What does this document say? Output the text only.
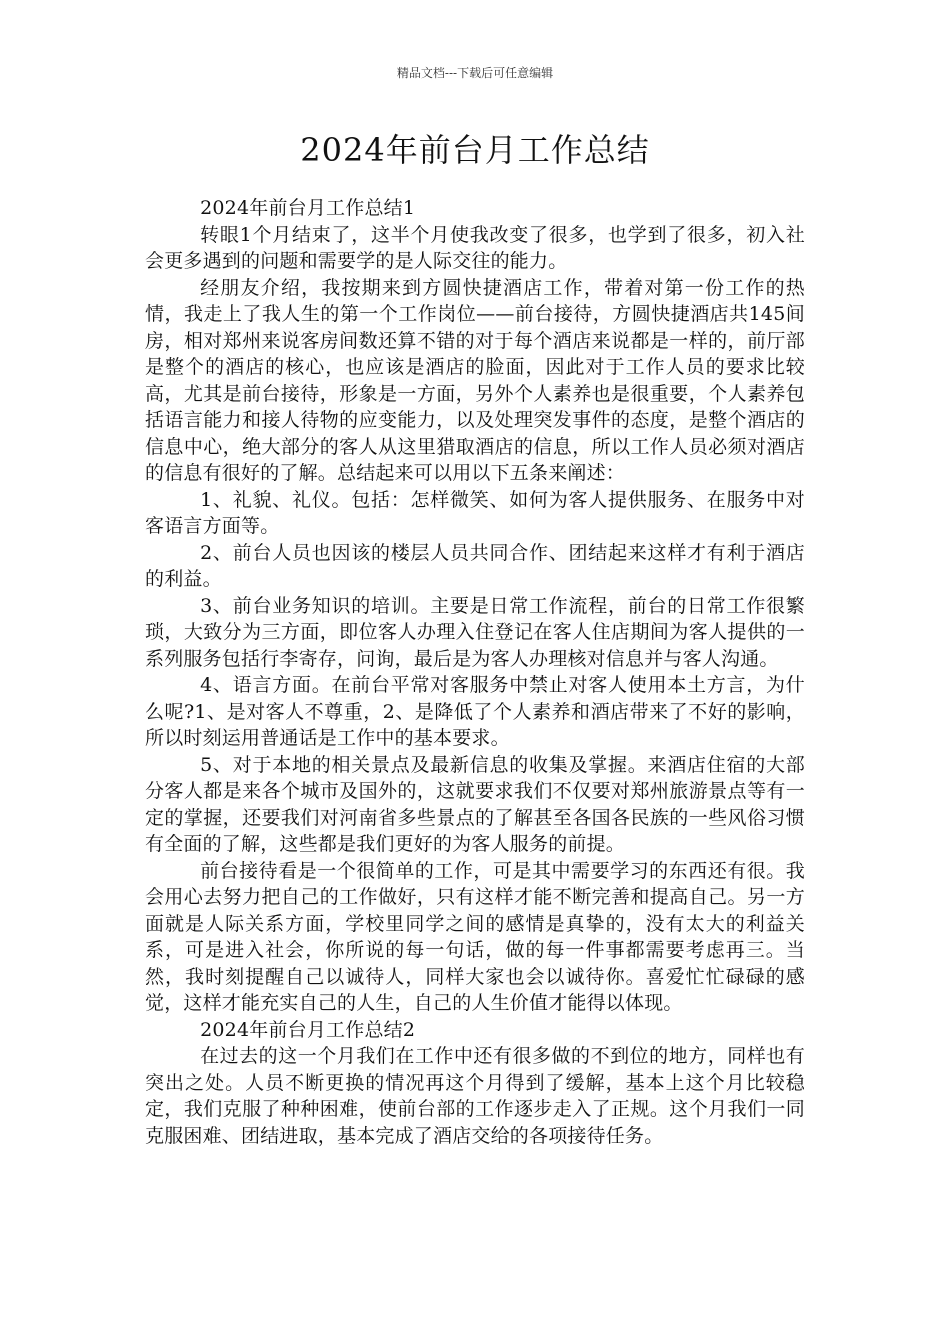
精品文档---下载后可任意编辑
2024年前台月工作总结

2024年前台月工作总结1

转眼1个月结束了，这半个月使我改变了很多，也学到了很多，初入社会更多遇到的问题和需要学的是人际交往的能力。

经朋友介绍，我按期来到方圆快捷酒店工作，带着对第一份工作的热情，我走上了我人生的第一个工作岗位——前台接待，方圆快捷酒店共145间房，相对郑州来说客房间数还算不错的对于每个酒店来说都是一样的，前厅部是整个的酒店的核心，也应该是酒店的脸面，因此对于工作人员的要求比较高，尤其是前台接待，形象是一方面，另外个人素养也是很重要，个人素养包括语言能力和接人待物的应变能力，以及处理突发事件的态度，是整个酒店的信息中心，绝大部分的客人从这里猎取酒店的信息，所以工作人员必须对酒店的信息有很好的了解。总结起来可以用以下五条来阐述：

1、礼貌、礼仪。包括：怎样微笑、如何为客人提供服务、在服务中对客语言方面等。

2、前台人员也因该的楼层人员共同合作、团结起来这样才有利于酒店的利益。

3、前台业务知识的培训。主要是日常工作流程，前台的日常工作很繁琐，大致分为三方面，即位客人办理入住登记在客人住店期间为客人提供的一系列服务包括行李寄存，问询，最后是为客人办理核对信息并与客人沟通。

4、语言方面。在前台平常对客服务中禁止对客人使用本土方言，为什么呢?1、是对客人不尊重，2、是降低了个人素养和酒店带来了不好的影响，所以时刻运用普通话是工作中的基本要求。

5、对于本地的相关景点及最新信息的收集及掌握。来酒店住宿的大部分客人都是来各个城市及国外的，这就要求我们不仅要对郑州旅游景点等有一定的掌握，还要我们对河南省多些景点的了解甚至各国各民族的一些风俗习惯有全面的了解，这些都是我们更好的为客人服务的前提。

前台接待看是一个很简单的工作，可是其中需要学习的东西还有很。我会用心去努力把自己的工作做好，只有这样才能不断完善和提高自己。另一方面就是人际关系方面，学校里同学之间的感情是真挚的，没有太大的利益关系，可是进入社会，你所说的每一句话，做的每一件事都需要考虑再三。当然，我时刻提醒自己以诚待人，同样大家也会以诚待你。喜爱忙忙碌碌的感觉，这样才能充实自己的人生，自己的人生价值才能得以体现。

2024年前台月工作总结2

在过去的这一个月我们在工作中还有很多做的不到位的地方，同样也有突出之处。人员不断更换的情况再这个月得到了缓解，基本上这个月比较稳定，我们克服了种种困难，使前台部的工作逐步走入了正规。这个月我们一同克服困难、团结进取，基本完成了酒店交给的各项接待任务。
